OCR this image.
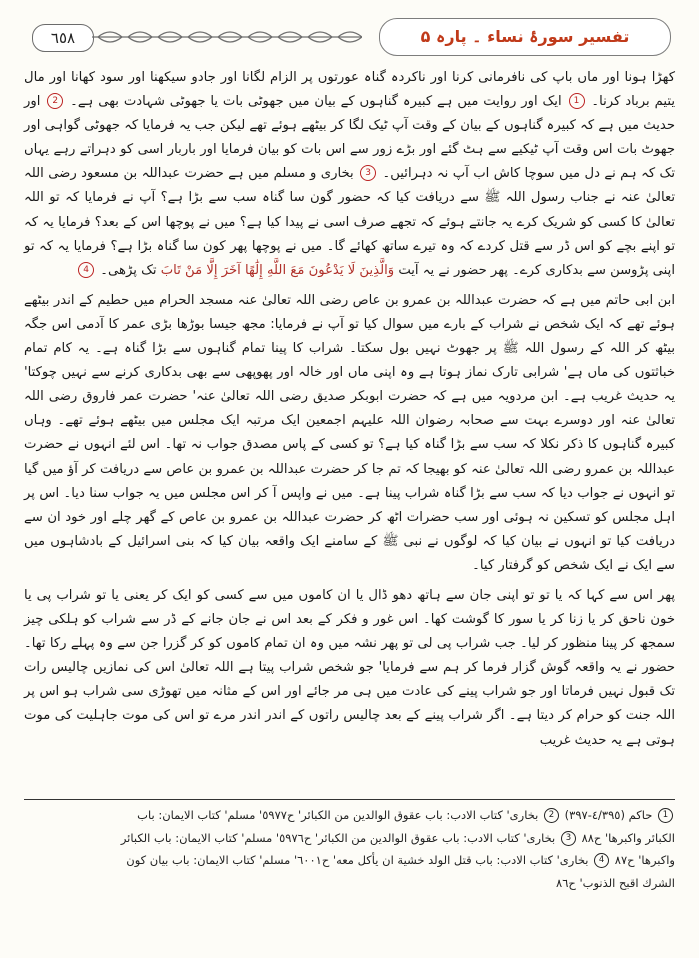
٦٥٨	تفسیر سورۂ نساء ۔ پارہ ۵

کھڑا ہونا اور ماں باپ کی نافرمانی کرنا اور ناکردہ گناہ عورتوں پر الزام لگانا اور جادو سیکھنا اور سود کھانا اور مال یتیم برباد کرنا۔ 1 ایک اور روایت میں ہے کبیرہ گناہوں کے بیان میں جھوٹی بات یا جھوٹی شہادت بھی ہے۔ 2 اور حدیث میں ہے کہ کبیرہ گناہوں کے بیان کے وقت آپ ٹیک لگا کر بیٹھے ہوئے تھے لیکن جب یہ فرمایا کہ جھوٹی گواہی اور جھوٹ بات اس وقت آپ ٹیکیے سے ہٹ گئے اور بڑے زور سے اس بات کو بیان فرمایا اور باربار اسی کو دہراتے رہے یہاں تک کہ ہم نے دل میں سوچا کاش اب آپ نہ دہرائیں۔ 3 بخاری و مسلم میں ہے حضرت عبداللہ بن مسعود رضی اللہ تعالیٰ عنہ نے جناب رسول اللہ ﷺ سے دریافت کیا کہ حضور گون سا گناہ سب سے بڑا ہے؟ آپ نے فرمایا کہ تو اللہ تعالیٰ کا کسی کو شریک کرے یہ جانتے ہوئے کہ تجھے صرف اسی نے پیدا کیا ہے؟ میں نے پوچھا اس کے بعد؟ فرمایا یہ کہ تو اپنے بچے کو اس ڈر سے قتل کردے کہ وہ تیرے ساتھ کھائے گا۔ میں نے پوچھا پھر کون سا گناہ بڑا ہے؟ فرمایا یہ کہ تو اپنی پڑوسن سے بدکاری کرے۔ پھر حضور نے یہ آیت وَالَّذِينَ لَا يَدْعُونَ مَعَ اللَّهِ إِلَٰهًا آخَرَ إِلَّا مَنْ تَابَ تک پڑھی۔ 4

ابن ابی حاتم میں ہے کہ حضرت عبداللہ بن عمرو بن عاص رضی اللہ تعالیٰ عنہ مسجد الحرام میں حطیم کے اندر بیٹھے ہوئے تھے کہ ایک شخص نے شراب کے بارے میں سوال کیا تو آپ نے فرمایا: مجھ جیسا بوڑھا بڑی عمر کا آدمی اس جگہ بیٹھ کر اللہ کے رسول اللہ ﷺ پر جھوٹ نہیں بول سکتا۔ شراب کا پینا تمام گناہوں سے بڑا گناہ ہے۔ یہ کام تمام خباثتوں کی ماں ہے' شرابی تارک نماز ہوتا ہے وہ اپنی ماں اور خالہ اور پھوپھی سے بھی بدکاری کرنے سے نہیں چوکتا' یہ حدیث غریب ہے۔ ابن مردویہ میں ہے کہ حضرت ابوبکر صدیق رضی اللہ تعالیٰ عنہ' حضرت عمر فاروق رضی اللہ تعالیٰ عنہ اور دوسرے بہت سے صحابہ رضوان اللہ علیہم اجمعین ایک مرتبہ ایک مجلس میں بیٹھے ہوئے تھے۔ وہاں کبیرہ گناہوں کا ذکر نکلا کہ سب سے بڑا گناہ کیا ہے؟ تو کسی کے پاس مصدق جواب نہ تھا۔ اس لئے انہوں نے حضرت عبداللہ بن عمرو رضی اللہ تعالیٰ عنہ کو بھیجا کہ تم جا کر حضرت عبداللہ بن عمرو بن عاص سے دریافت کر آؤ میں گیا تو انہوں نے جواب دیا کہ سب سے بڑا گناہ شراب پینا ہے۔ میں نے واپس آ کر اس مجلس میں یہ جواب سنا دیا۔ اس پر اہل مجلس کو تسکین نہ ہوئی اور سب حضرات اٹھ کر حضرت عبداللہ بن عمرو بن عاص کے گھر چلے اور خود ان سے دریافت کیا تو انہوں نے بیان کیا کہ لوگوں نے نبی ﷺ کے سامنے ایک واقعہ بیان کیا کہ بنی اسرائیل کے بادشاہوں میں سے ایک نے ایک شخص کو گرفتار کیا۔

پھر اس سے کہا کہ یا تو تو اپنی جان سے ہاتھ دھو ڈال یا ان کاموں میں سے کسی کو ایک کر یعنی یا تو شراب پی یا خون ناحق کر یا زنا کر یا سور کا گوشت کھا۔ اس غور و فکر کے بعد اس نے جان جانے کے ڈر سے شراب کو ہلکی چیز سمجھ کر پینا منظور کر لیا۔ جب شراب پی لی تو پھر نشہ میں وہ ان تمام کاموں کو کر گزرا جن سے وہ پہلے رکا تھا۔ حضور نے یہ واقعہ گوش گزار فرما کر ہم سے فرمایا' جو شخص شراب پیتا ہے اللہ تعالیٰ اس کی نمازیں چالیس رات تک قبول نہیں فرماتا اور جو شراب پینے کی عادت میں ہی مر جائے اور اس کے مثانہ میں تھوڑی سی شراب ہو اس پر اللہ جنت کو حرام کر دیتا ہے۔ اگر شراب پینے کے بعد چالیس راتوں کے اندر اندر مرے تو اس کی موت جاہلیت کی موت ہوتی ہے یہ حدیث غریب

1 حاکم (٤/٣٩٥-٣٩٧) 2 بخاری' کتاب الادب: باب عقوق الوالدین من الکبائر' ح٥٩٧٧' مسلم' کتاب الایمان: باب

الکبائر واکبرھا' ح٨٨ 3 بخاری' کتاب الادب: باب عقوق الوالدین من الکبائر' ح٥٩٧٦' مسلم' کتاب الایمان: باب الکبائر

واکبرھا' ح٨٧ 4 بخاری' کتاب الادب: باب قتل الولد خشیة ان یأکل معه' ح٦٠٠١' مسلم' کتاب الایمان: باب بیان کون

الشرك اقبح الذنوب' ح٨٦
